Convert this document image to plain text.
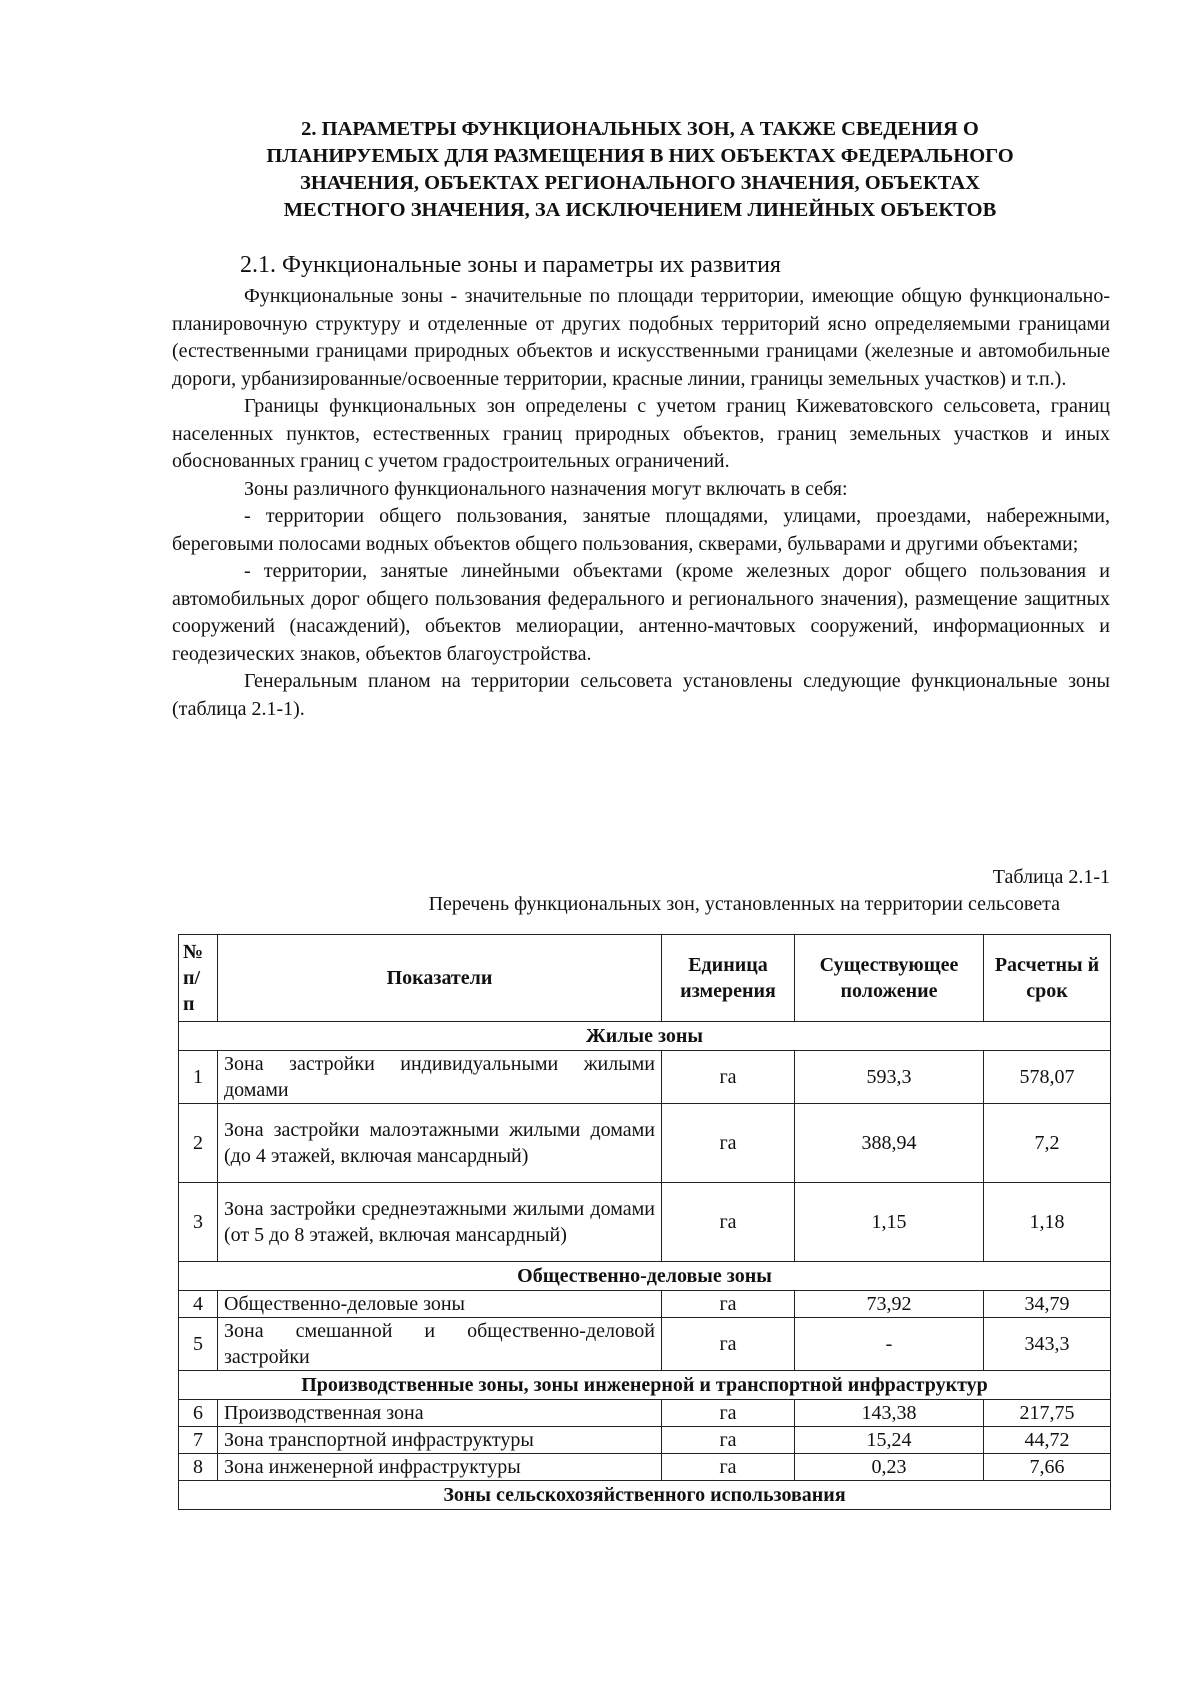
2. ПАРАМЕТРЫ ФУНКЦИОНАЛЬНЫХ ЗОН, А ТАКЖЕ СВЕДЕНИЯ О
ПЛАНИРУЕМЫХ ДЛЯ РАЗМЕЩЕНИЯ В НИХ ОБЪЕКТАХ ФЕДЕРАЛЬНОГО
ЗНАЧЕНИЯ, ОБЪЕКТАХ РЕГИОНАЛЬНОГО ЗНАЧЕНИЯ, ОБЪЕКТАХ
МЕСТНОГО ЗНАЧЕНИЯ, ЗА ИСКЛЮЧЕНИЕМ ЛИНЕЙНЫХ ОБЪЕКТОВ
2.1. Функциональные зоны и параметры их развития

Функциональные зоны - значительные по площади территории, имеющие общую функционально-планировочную структуру и отделенные от других подобных территорий ясно определяемыми границами (естественными границами природных объектов и искусственными границами (железные и автомобильные дороги, урбанизированные/освоенные территории, красные линии, границы земельных участков) и т.п.).

Границы функциональных зон определены с учетом границ Кижеватовского сельсовета, границ населенных пунктов, естественных границ природных объектов, границ земельных участков и иных обоснованных границ с учетом градостроительных ограничений.

Зоны различного функционального назначения могут включать в себя:

- территории общего пользования, занятые площадями, улицами, проездами, набережными, береговыми полосами водных объектов общего пользования, скверами, бульварами и другими объектами;

- территории, занятые линейными объектами (кроме железных дорог общего пользования и автомобильных дорог общего пользования федерального и регионального значения), размещение защитных сооружений (насаждений), объектов мелиорации, антенно-мачтовых сооружений, информационных и геодезических знаков, объектов благоустройства.

Генеральным планом на территории сельсовета установлены следующие функциональные зоны (таблица 2.1-1).

Таблица 2.1-1

Перечень функциональных зон, установленных на территории сельсовета

№ п/ п	Показатели	Единица измерения	Существующее положение	Расчетны й срок
Жилые зоны				
1	Зона застройки индивидуальными жилыми домами	га	593,3	578,07
2	Зона застройки малоэтажными жилыми домами (до 4 этажей, включая мансардный)	га	388,94	7,2
3	Зона застройки среднеэтажными жилыми домами (от 5 до 8 этажей, включая мансардный)	га	1,15	1,18
Общественно-деловые зоны				
4	Общественно-деловые зоны	га	73,92	34,79
5	Зона смешанной и общественно-деловой застройки	га	-	343,3
Производственные зоны, зоны инженерной и транспортной инфраструктур				
6	Производственная зона	га	143,38	217,75
7	Зона транспортной инфраструктуры	га	15,24	44,72
8	Зона инженерной инфраструктуры	га	0,23	7,66
Зоны сельскохозяйственного использования				
